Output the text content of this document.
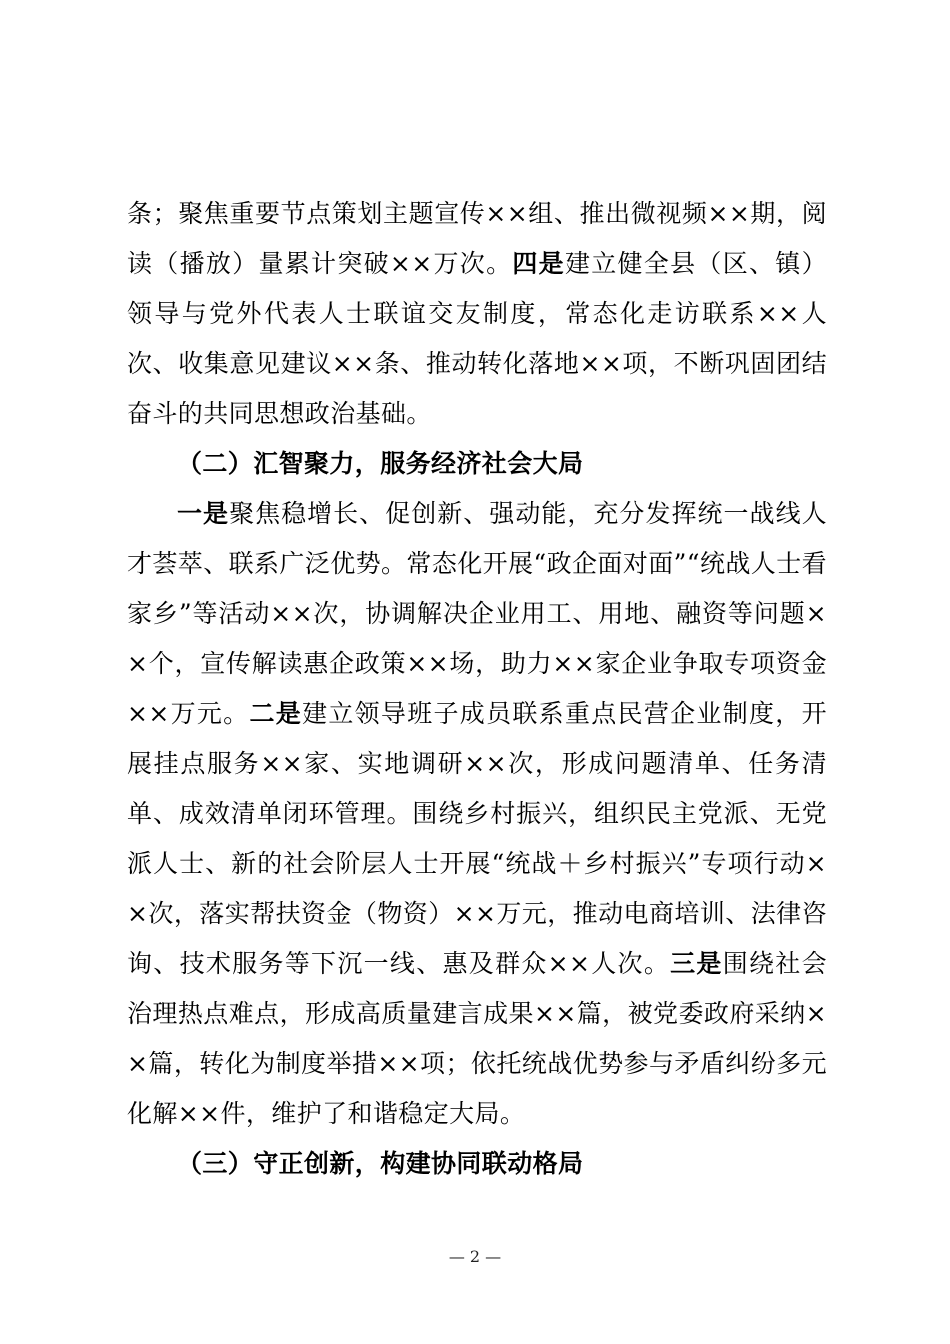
条；聚焦重要节点策划主题宣传××组、推出微视频××期，阅读（播放）量累计突破××万次。四是建立健全县（区、镇）领导与党外代表人士联谊交友制度，常态化走访联系××人次、收集意见建议××条、推动转化落地××项，不断巩固团结奋斗的共同思想政治基础。

（二）汇智聚力，服务经济社会大局

一是聚焦稳增长、促创新、强动能，充分发挥统一战线人才荟萃、联系广泛优势。常态化开展“政企面对面”“统战人士看家乡”等活动××次，协调解决企业用工、用地、融资等问题××个，宣传解读惠企政策××场，助力××家企业争取专项资金××万元。二是建立领导班子成员联系重点民营企业制度，开展挂点服务××家、实地调研××次，形成问题清单、任务清单、成效清单闭环管理。围绕乡村振兴，组织民主党派、无党派人士、新的社会阶层人士开展“统战＋乡村振兴”专项行动××次，落实帮扶资金（物资）××万元，推动电商培训、法律咨询、技术服务等下沉一线、惠及群众××人次。三是围绕社会治理热点难点，形成高质量建言成果××篇，被党委政府采纳××篇，转化为制度举措××项；依托统战优势参与矛盾纠纷多元化解××件，维护了和谐稳定大局。

（三）守正创新，构建协同联动格局

— 2 —
